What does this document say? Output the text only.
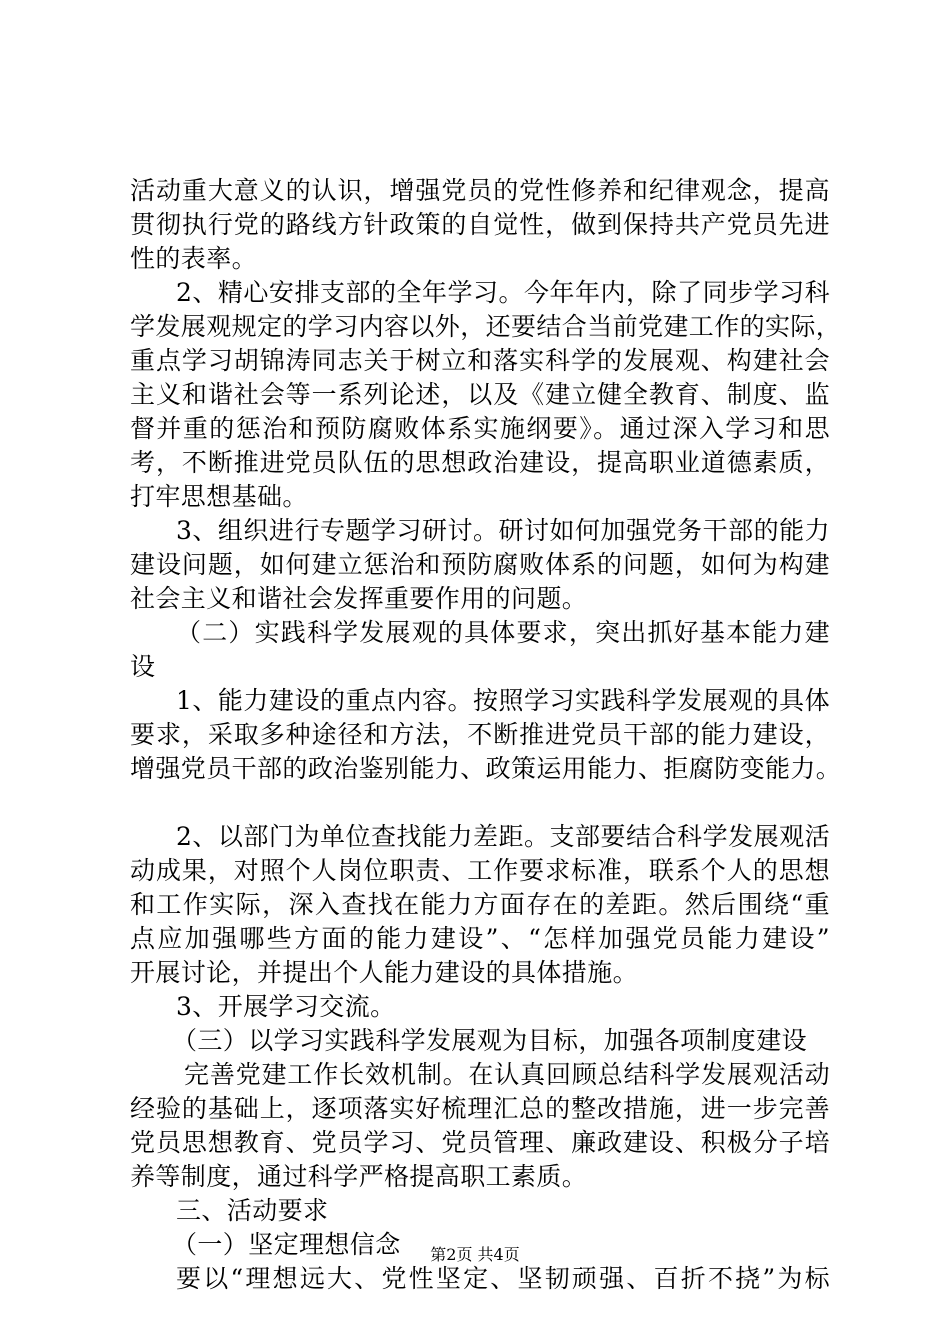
活动重大意义的认识，增强党员的党性修养和纪律观念，提高
贯彻执行党的路线方针政策的自觉性，做到保持共产党员先进
性的表率。
2、精心安排支部的全年学习。今年年内，除了同步学习科
学发展观规定的学习内容以外，还要结合当前党建工作的实际，
重点学习胡锦涛同志关于树立和落实科学的发展观、构建社会
主义和谐社会等一系列论述，以及《建立健全教育、制度、监
督并重的惩治和预防腐败体系实施纲要》。通过深入学习和思
考，不断推进党员队伍的思想政治建设，提高职业道德素质，
打牢思想基础。
3、组织进行专题学习研讨。研讨如何加强党务干部的能力
建设问题，如何建立惩治和预防腐败体系的问题，如何为构建
社会主义和谐社会发挥重要作用的问题。
（二）实践科学发展观的具体要求，突出抓好基本能力建
设
1、能力建设的重点内容。按照学习实践科学发展观的具体
要求，采取多种途径和方法，不断推进党员干部的能力建设，
增强党员干部的政治鉴别能力、政策运用能力、拒腐防变能力。
2、以部门为单位查找能力差距。支部要结合科学发展观活
动成果，对照个人岗位职责、工作要求标准，联系个人的思想
和工作实际，深入查找在能力方面存在的差距。然后围绕“重
点应加强哪些方面的能力建设”、“怎样加强党员能力建设”
开展讨论，并提出个人能力建设的具体措施。
3、开展学习交流。
（三）以学习实践科学发展观为目标，加强各项制度建设
完善党建工作长效机制。在认真回顾总结科学发展观活动
经验的基础上，逐项落实好梳理汇总的整改措施，进一步完善
党员思想教育、党员学习、党员管理、廉政建设、积极分子培
养等制度，通过科学严格提高职工素质。
三、活动要求
（一）坚定理想信念
要以“理想远大、党性坚定、坚韧顽强、百折不挠”为标
第2页 共4页
